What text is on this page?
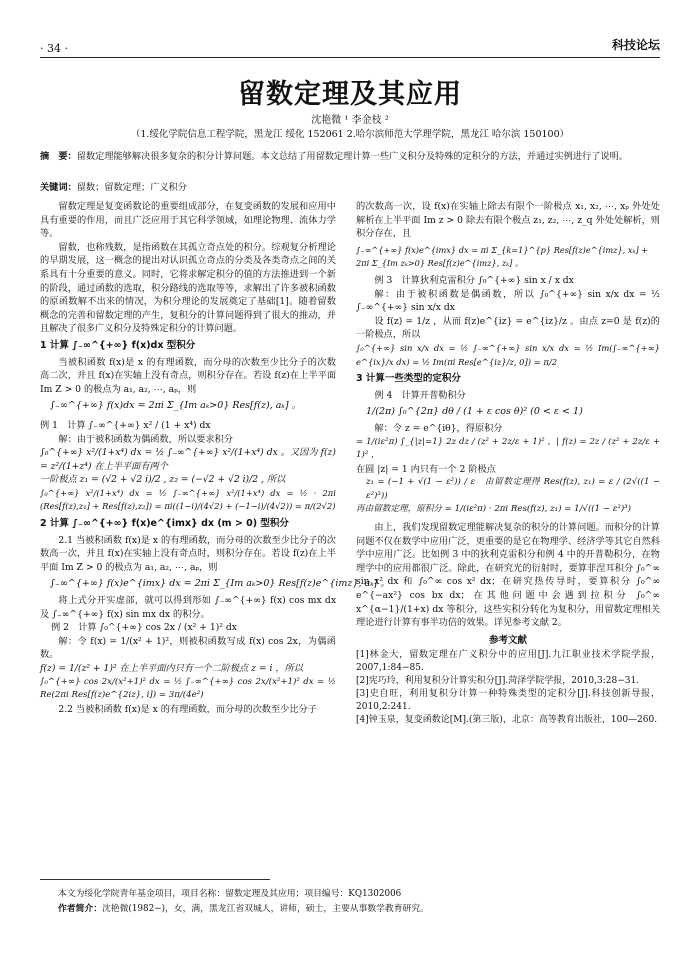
· 34 ·	科技论坛
留数定理及其应用
沈艳微 ¹ 李金枝 ²
（1.绥化学院信息工程学院，黑龙江 绥化 152061 2.哈尔滨师范大学理学院，黑龙江 哈尔滨 150100）
摘　要：留数定理能够解决很多复杂的积分计算问题。本文总结了用留数定理计算一些广义积分及特殊的定积分的方法，并通过实例进行了说明。
关键词：留数；留数定理；广义积分

留数定理是复变函数论的重要组成部分，在复变函数的发展和应用中具有重要的作用，而且广泛应用于其它科学领域，如理论物理、流体力学等。

留数，也称残数，是指函数在其孤立奇点处的积分。综观复分析理论的早期发展，这一概念的提出对认识孤立奇点的分类及各类奇点之间的关系具有十分重要的意义。同时，它将求解定积分的值的方法推进到一个新的阶段，通过函数的选取，积分路线的选取等等，求解出了许多被积函数的原函数解不出来的情况，为积分理论的发展奠定了基础[1]。随着留数概念的完善和留数定理的产生，复积分的计算问题得到了很大的推动，并且解决了很多广义积分及特殊定积分的计算问题。

1 计算 ∫₋∞^{+∞} f(x)dx 型积分

当被积函数 f(x)是 x 的有理函数，而分母的次数至少比分子的次数高二次，并且 f(x)在实轴上没有奇点，则积分存在。若设 f(z)在上半平面 Im Z > 0 的极点为 a₁, a₂, ⋯, aₚ，则

∫₋∞^{+∞} f(x)dx = 2πi Σ_{Im aₖ>0} Res[f(z), aₖ] 。

例 1　计算 ∫₋∞^{+∞} x² / (1 + x⁴) dx

解：由于被积函数为偶函数，所以要求积分

∫₀^{+∞} x²/(1+x⁴) dx = ½ ∫₋∞^{+∞} x²/(1+x⁴) dx 。又因为 f(z) = z²/(1+z⁴) 在上半平面有两个

一阶极点 z₁ = (√2 + √2 i)/2 , z₂ = (−√2 + √2 i)/2 , 所以

∫₀^{+∞} x²/(1+x⁴) dx = ½ ∫₋∞^{+∞} x²/(1+x⁴) dx = ½ · 2πi (Res[f(z),z₁] + Res[f(z),z₂]) = πi((1−i)/(4√2) + (−1−i)/(4√2)) = π/(2√2)

2 计算 ∫₋∞^{+∞} f(x)e^{imx} dx (m > 0) 型积分

2.1 当被积函数 f(x)是 x 的有理函数，而分母的次数至少比分子的次数高一次，并且 f(x)在实轴上没有奇点时，则积分存在。若设 f(z)在上半平面 Im Z > 0 的极点为 a₁, a₂, ⋯, aₚ，则

∫₋∞^{+∞} f(x)e^{imx} dx = 2πi Σ_{Im aₖ>0} Res[f(z)e^{imz}, aₖ] 。

将上式分开实虚部，就可以得到形如 ∫₋∞^{+∞} f(x) cos mx dx 及 ∫₋∞^{+∞} f(x) sin mx dx 的积分。

例 2　计算 ∫₀^{+∞} cos 2x / (x² + 1)² dx

解：令 f(x) = 1/(x² + 1)²，则被积函数写成 f(x) cos 2x，为偶函数。

f(z) = 1/(z² + 1)² 在上半平面内只有一个二阶极点 z = i ，所以

∫₀^{+∞} cos 2x/(x²+1)² dx = ½ ∫₋∞^{+∞} cos 2x/(x²+1)² dx = ½ Re(2πi Res[f(z)e^{2iz}, i]) = 3π/(4e²)

2.2 当被积函数 f(x)是 x 的有理函数，而分母的次数至少比分子

的次数高一次，设 f(x)在实轴上除去有限个一阶极点 x₁, x₂, ⋯, xₚ 外处处解析在上半平面 Im z > 0 除去有限个极点 z₁, z₂, ⋯, z_q 外处处解析，则积分存在，且

∫₋∞^{+∞} f(x)e^{imx} dx = πi Σ_{k=1}^{p} Res[f(z)e^{imz}, xₖ] + 2πi Σ_{Im zₖ>0} Res[f(z)e^{imz}, zₖ] 。

例 3　计算狄利克雷积分 ∫₀^{+∞} sin x / x dx

解：由于被积函数是偶函数，所以 ∫₀^{+∞} sin x/x dx = ½ ∫₋∞^{+∞} sin x/x dx

设 f(z) = 1/z ，从而 f(z)e^{iz} = e^{iz}/z 。由点 z=0 是 f(z)的一阶极点，所以

∫₀^{+∞} sin x/x dx = ½ ∫₋∞^{+∞} sin x/x dx = ½ Im(∫₋∞^{+∞} e^{ix}/x dx) = ½ Im(πi Res[e^{iz}/z, 0]) = π/2

3 计算一些类型的定积分

例 4　计算开普勒积分

1/(2π) ∫₀^{2π} dθ / (1 + ε cos θ)² (0 < ε < 1)

解：令 z = e^{iθ}，得原积分

= 1/(iε²π) ∫_{|z|=1} 2z dz / (z² + 2z/ε + 1)² ，| f(z) = 2z / (z² + 2z/ε + 1)² ，

在圆 |z| = 1 内只有一个 2 阶极点

z₁ = (−1 + √(1 − ε²)) / ε　由留数定理得 Res(f(z), z₁) = ε / (2√((1 − ε²)³))

再由留数定理，原积分 = 1/(iε²π) · 2πi Res(f(z), z₁) = 1/√((1 − ε²)³)

由上，我们发现留数定理能解决复杂的积分的计算问题。而积分的计算问题不仅在数学中应用广泛，更重要的是它在物理学、经济学等其它自然科学中应用广泛。比如例 3 中的狄利克雷积分和例 4 中的开普勒积分，在物理学中的应用都很广泛。除此，在研究光的衍射时，要算菲涅耳积分 ∫₀^∞ sin x² dx 和 ∫₀^∞ cos x² dx；在研究热传导时，要算积分 ∫₀^∞ e^{−ax²} cos bx dx；在其他问题中会遇到拉积分 ∫₀^∞ x^{α−1}/(1+x) dx 等积分，这些实积分转化为复积分，用留数定理相关理论进行计算有事半功倍的效果。详见参考文献 2。

参考文献

[1]林金大，留数定理在广义积分中的应用[J].九江职业技术学院学报，2007,1:84−85.

[2]宪巧玲，利用复积分计算实积分[J].菏泽学院学报，2010,3:28−31.

[3]史自旺，利用复积分计算一种特殊类型的定积分[J].科技创新导报，2010,2:241.

[4]钟玉泉，复变函数论[M].(第三版)，北京：高等教育出版社，100—260.

本文为绥化学院青年基金项目，项目名称：留数定理及其应用；项目编号：KQ1302006
作者简介：沈艳微(1982−)，女，满，黑龙江省双城人，讲师，硕士，主要从事数学教育研究。
